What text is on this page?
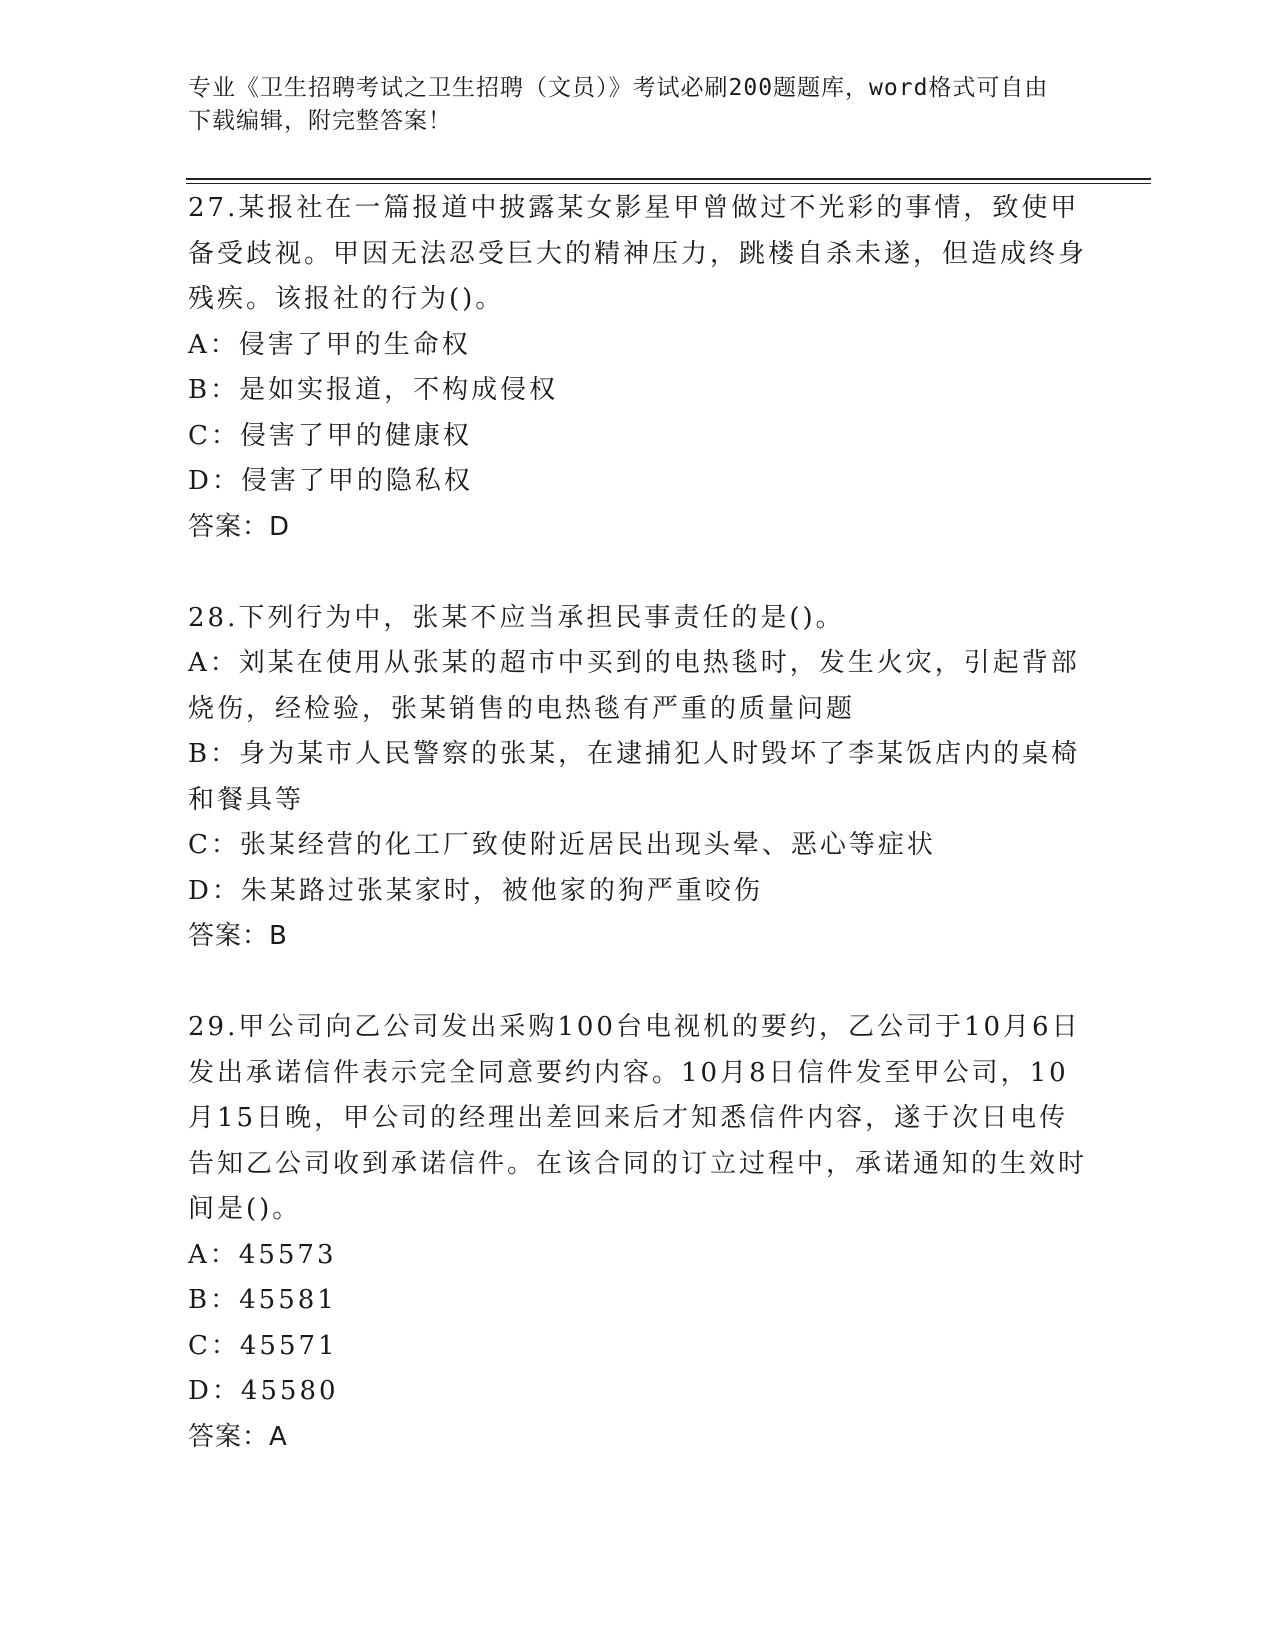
专业《卫生招聘考试之卫生招聘（文员）》考试必刷200题题库，word格式可自由下载编辑，附完整答案！

27.某报社在一篇报道中披露某女影星甲曾做过不光彩的事情，致使甲备受歧视。甲因无法忍受巨大的精神压力，跳楼自杀未遂，但造成终身残疾。该报社的行为()。

A：侵害了甲的生命权

B：是如实报道，不构成侵权

C：侵害了甲的健康权

D：侵害了甲的隐私权

答案：D

28.下列行为中，张某不应当承担民事责任的是()。

A：刘某在使用从张某的超市中买到的电热毯时，发生火灾，引起背部烧伤，经检验，张某销售的电热毯有严重的质量问题

B：身为某市人民警察的张某，在逮捕犯人时毁坏了李某饭店内的桌椅和餐具等

C：张某经营的化工厂致使附近居民出现头晕、恶心等症状

D：朱某路过张某家时，被他家的狗严重咬伤

答案：B

29.甲公司向乙公司发出采购100台电视机的要约，乙公司于10月6日发出承诺信件表示完全同意要约内容。10月8日信件发至甲公司，10月15日晚，甲公司的经理出差回来后才知悉信件内容，遂于次日电传告知乙公司收到承诺信件。在该合同的订立过程中，承诺通知的生效时间是()。

A：45573

B：45581

C：45571

D：45580

答案：A
